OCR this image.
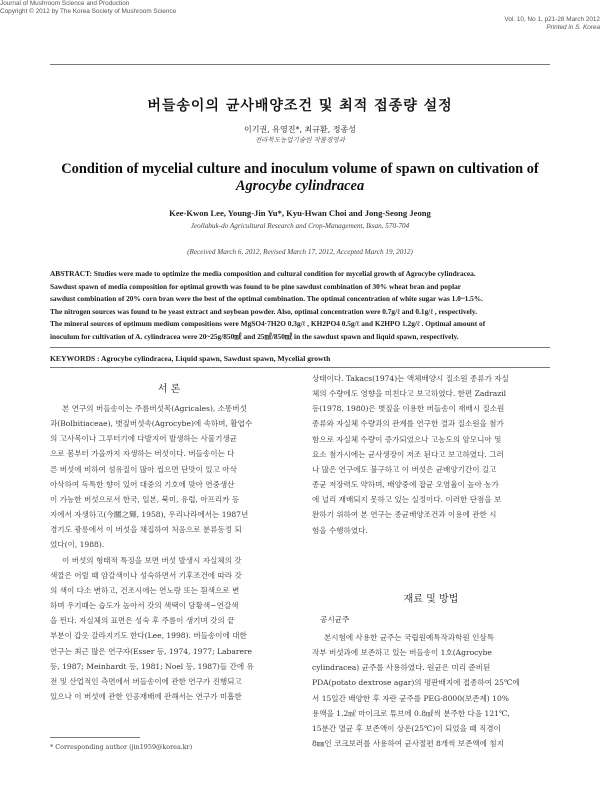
Journal of Mushroom Science and Production
Copyright © 2012 by The Korea Society of Mushroom Science
Vol. 10, No 1, p21-28 March 2012
Printed in S. Korea
버들송이의 균사배양조건 및 최적 접종량 설정
이기권, 유영진*, 최규환, 정종성
전라북도농업기술원 작물경영과
Condition of mycelial culture and inoculum volume of spawn on cultivation of
Agrocybe cylindracea
Kee-Kwon Lee, Young-Jin Yu*, Kyu-Hwan Choi and Jong-Seong Jeong
Jeollabuk-do Agricultural Research and Crop-Management, Iksan, 570-704
(Received March 6, 2012, Revised March 17, 2012, Accepted March 19, 2012)
ABSTRACT: Studies were made to optimize the media composition and cultural condition for mycelial growth of Agrocybe cylindracea.
Sawdust spawn of media composition for optimal growth was found to be pine sawdust combination of 30% wheat bran and poplar
sawdust combination of 20% corn bran were the best of the optimal combination. The optimal concentration of white sugar was 1.0~1.5%.
The nitrogen sources was found to be yeast extract and soybean powder. Also, optimal concentration were 0.7g/ℓ and 0.1g/ℓ , respectively.
The mineral sources of optimum medium compositions were MgSO4·7H2O 0.3g/ℓ , KH2PO4 0.5g/ℓ and K2HPO 1.2g/ℓ . Optimal amount of
inoculum for cultivation of A. cylindracea were 20~25g/850㎖ and 25㎖/850㎖ in the sawdust spawn and liquid spawn, respectively.
KEYWORDS : Agrocybe cylindracea, Liquid spawn, Sawdust spawn, Mycelial growth
서 론
본 연구의 버들송이는 주름버섯목(Agricales), 소똥버섯
과(Bolbitiaceae), 볏짚버섯속(Agrocybe)에 속하며, 활엽수
의 고사목이나 그루터기에 다발지어 발생하는 사물기생균
으로 봄부터 가을까지 자생하는 버섯이다. 버들송이는 다
른 버섯에 비하여 섬유질이 많아 씹으면 단맛이 있고 아삭
아삭하여 독특한 향이 있어 대중의 기호에 맞아 연중생산
이 가능한 버섯으로서 한국, 일본, 북미, 유럽, 아프리카 등
지에서 자생하고(今關之輝, 1958), 우리나라에서는 1987년
경기도 광릉에서 이 버섯을 채집하여 처음으로 분류동정 되
었다(이, 1988).
이 버섯의 형태적 특징을 보면 버섯 발생시 자실체의 갓
색깔은 어릴 때 암갈색이나 성숙하면서 기후조건에 따라 갓
의 색이 다소 변하고, 건조시에는 연노랑 또는 흰색으로 변
하며 우기때는 습도가 높아서 갓의 색택이 담황색~연갈색
을 띈다. 자실체의 표면은 성숙 후 주름이 생기며 갓의 끝
부분이 갑옷 갈라지기도 한다(Lee, 1998). 버들송이에 대한
연구는 최근 많은 연구자(Esser 등, 1974, 1977; Labarere
등, 1987; Meinhardt 등, 1981; Noel 등, 1987)들 간에 유
전 및 산업적인 측면에서 버들송이에 관한 연구가 진행되고
있으나 이 버섯에 관한 인공재배에 관해서는 연구가 미흡한
* Corresponding author (jin1959@korea.kr)
상태이다. Takacs(1974)는 액체배양시 질소원 종류가 자실
체의 수량에도 영향을 미친다고 보고하였다. 한편 Zadrazil
등(1978, 1980)은 볏짚을 이용한 버들송이 재배시 질소원
종류와 자실체 수량과의 관계를 연구한 결과 질소원을 첨가
함으로 자실체 수량이 증가되었으나 고농도의 암모니아 및
요소 첨가시에는 균사생장이 저조 된다고 보고하였다. 그러
나 많은 연구에도 불구하고 이 버섯은 균배양기간이 길고
종균 저장력도 약하며, 배양중에 잡균 오염율이 높아 농가
에 널리 재배되지 못하고 있는 실정이다. 이러한 단점을 보
완하기 위하여 본 연구는 종균배양조건과 이용에 관한 시
험을 수행하였다.
재료 및 방법
공시균주
본시험에 사용한 균주는 국립원예특작과학원 인삼특
작부 버섯과에 보존하고 있는 버들송이 1호(Agrocybe
cylindracea) 균주를 사용하였다. 원균은 미리 준비된
PDA(potato dextrose agar)의 평판배지에 접종하여 25℃에
서 15일간 배양한 후 자란 균주를 PEG-8000(보존제) 10%
용액을 1.2㎖ 마이크로 튜브에 0.8㎖씩 분주한 다음 121℃,
15분간 멸균 후 보존액이 상온(25℃)이 되었을 때 직경이
8㎜인 코크보러를 사용하여 균사절편 8개씩 보존액에 침지
